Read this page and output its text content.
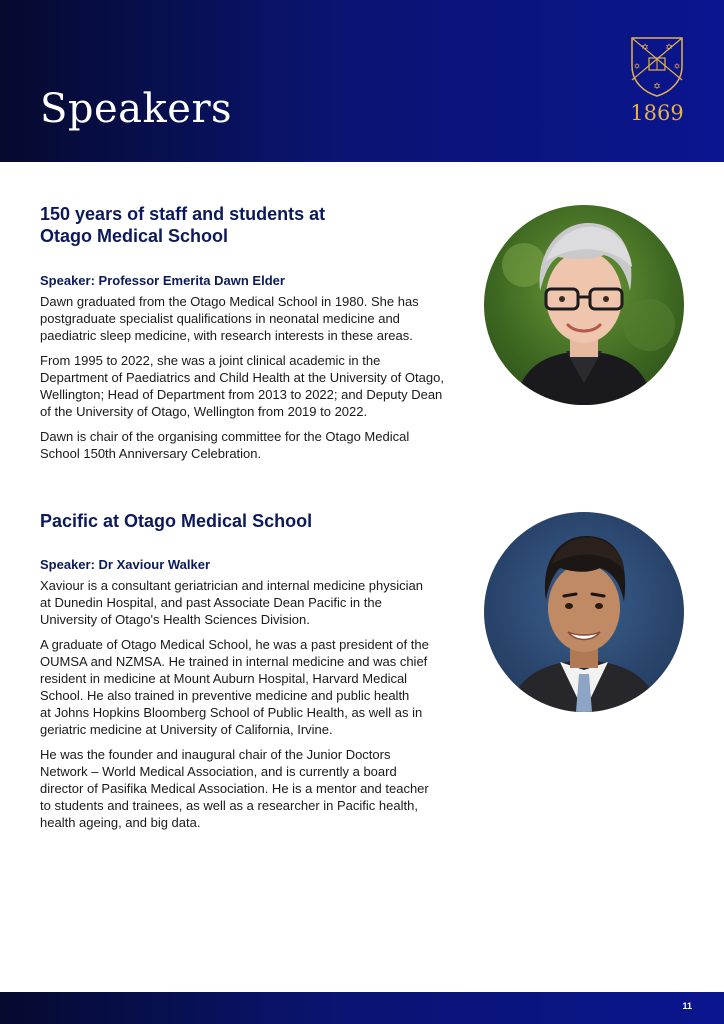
Speakers
✡ ✡
✡	✡
✡
1869
150 years of staff and students at
Otago Medical School

Speaker: Professor Emerita Dawn Elder

Dawn graduated from the Otago Medical School in 1980. She has
postgraduate specialist qualifications in neonatal medicine and
paediatric sleep medicine, with research interests in these areas.

From 1995 to 2022, she was a joint clinical academic in the
Department of Paediatrics and Child Health at the University of Otago,
Wellington; Head of Department from 2013 to 2022; and Deputy Dean
of the University of Otago, Wellington from 2019 to 2022.

Dawn is chair of the organising committee for the Otago Medical
School 150th Anniversary Celebration.

Pacific at Otago Medical School

Speaker: Dr Xaviour Walker

Xaviour is a consultant geriatrician and internal medicine physician
at Dunedin Hospital, and past Associate Dean Pacific in the
University of Otago's Health Sciences Division.

A graduate of Otago Medical School, he was a past president of the
OUMSA and NZMSA. He trained in internal medicine and was chief
resident in medicine at Mount Auburn Hospital, Harvard Medical
School. He also trained in preventive medicine and public health
at Johns Hopkins Bloomberg School of Public Health, as well as in
geriatric medicine at University of California, Irvine.

He was the founder and inaugural chair of the Junior Doctors
Network – World Medical Association, and is currently a board
director of Pasifika Medical Association. He is a mentor and teacher
to students and trainees, as well as a researcher in Pacific health,
health ageing, and big data.

11
